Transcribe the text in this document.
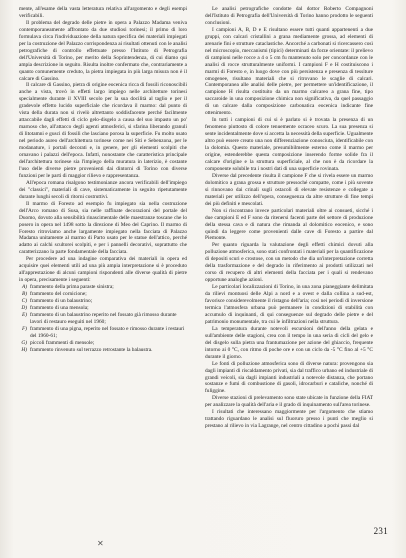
mente, all'esame della vasta letteratura relativa all'argomento e degli esempi verificabili.

Il problema del degrado delle pietre in opera a Palazzo Madama veniva contemporaneamente affrontato da due studiosi torinesi; il primo di loro formulava circa l'individuazione della natura specifica dei materiali impiegati per la costruzione del Palazzo corrispondenza ai risultati ottenuti con le analisi petrografiche di controllo effettuate presso l'Istituto di Petrografia dell'Università di Torino, per merito della Soprintendenza, di cui diamo qui ampia descrizione in seguito. Risulta inoltre confermato che, contrariamente a quanto comunemente creduto, la pietra impiegata in più larga misura non è il calcare di Gassino.

Il calcare di Gassino, pietra di origine eocenica ricca di fossili riconoscibili anche a vista, trovò in effetti largo impiego nelle architetture torinesi specialmente durante il XVIII secolo per la sua docilità al taglio e per il gradevole effetto lucido superficiale che ricordava il marmo: dal punto di vista della durata non si rivelò altrettanto soddisfacente perché facilmente attaccabile dagli effetti di ciclo gelo-disgelo a causa del suo impasto un po' marnoso che, all'attacco degli agenti atmosferici, si sfarina liberando granuli di litotamni e gusci di fossili che lasciano porosa la superficie. Fu molto usato nel periodo aureo dell'architettura torinese come nei Siti e Sebenzona, per le modanature, i portali decorati e, in genere, per gli elementi scolpiti che ornavano i palazzi dell'epoca. Infatti, nonostante che caratteristica principale dell'architettura torinese sia l'impiego della muratura in laterizio, è costante l'uso delle diverse pietre provenienti dai dintorni di Torino con diverse funzioni per le parti di maggior rilievo e rappresentanza.

All'epoca romana risalgono testimonianze ancora verificabili dell'impiego dei "classici", materiali di cave, sistematicamente in seguito ripetutamente durante lunghi secoli di ritorni costruttivi.

Il marmo di Foresto ad esempio fu impiegato sia nella costruzione dell'Arco romano di Susa, sia nelle raffinate decorazioni del portale del Duomo, dovuto alla sensibilità rinascimentale delle maestranze toscane che lo posero in opera nel 1498 sotto la direzione di Meo del Caprino. Il marmo di Foresto ritroviamo anche largamente impiegato nella facciata di Palazzo Madama unitamente al marmo di Parto usato per le statue dell'attico, perché adatto ai calchi scultorei scolpiti, e per i pannelli decorativi, soprattutto che caratterizzano la parte fondamentale della facciata.

Per procedere ad una indagine comparativa dei materiali in opera ed acquisire quei elementi utili ad una più ampia interpretazione si è proceduto all'apprestazione di alcuni campioni rispondenti alle diverse qualità di pietre in opera, precisamente i seguenti:

A) frammento della prima paraste sinistra;
B) frammento del cornicione;
C) frammento di un balaustrino;
D) frammento di una mensola;
E) frammento di un balaustrino reperito nel fossato già rimosso durante lavori di restauro eseguiti nel 1960;
F) frammento di una pigna, reperito nel fossato e rimosso durante i restauri del 1960-61;
G) piccoli frammenti di mensole;
H) frammento rinvenuto sul terrazzo retrostante la balaustra.

Le analisi petrografiche condotte dal dottor Roberto Compagnoni dell'Istituto di Petrografia dell'Università di Torino hanno prodotto le seguenti conclusioni.

I campioni A, B, D e E risultano essere tutti quanti appartenenti a due gruppi, con calcari cristallini a grana mediamente grossa, ad elementi di arenarie fini e strutture cataclastiche. Ancorché a carbonati si ricercassero così nel microscopio, meccanismi (tipici) determinati da forze orientate: il prelievo di campioni nelle rocce a 4 o 5 cm fu mantenuto solo per concordanze con le analisi di rocce strutturalmente uniformi. I campioni F e H costituiscono i marmi di Foresto e, in luogo dove con più persistenza e presenza di tessiture omogenee, risultano materiali che si ritrovano le scaglie di calcari. Contemporanea alle analisi delle pietre, per permettere un'identificazione, il campione H risulta costituito da un marmo calcareo a grana fine, tipo saccaroide in una composizione chimica non significativa, da quel passaggio di un calcare dalla composizione carbonatica eocenica indicante fine ottenimento.

In tutti i campioni di cui si è parlato si è trovata la presenza di un fenomeno piuttosto di colore tenuemente ocraceo scuro. La sua presenza si sente incidentalmente dove si accetta la necessità della superficie. Ugualmente altro può essere creato una non differenziazione conosciuta, identificabile con la dolomia. Questo materiale, presumibilmente esterno come il marmo per origine, estenderebbe questa composizione inserendo forme solide fra il calcare d'origine e la struttura superficiale, al che non è da ricordare la componente solubile tra i nostri dati di una superficie rovinata.

Diverse dal precedente risulta il campione F che si rivela essere un marmo dolomitico a grana grossa e strutture pressoché compatte, come i più sovente si rinnovano dai crinali sugli ostacoli di elevate resistenze e collegate a materiali per utilizzo dell'opera, conseguenza da altre strutture di fine tempi dei più definiti e mescolati.

Non si riscontrano invece particolari materiali oltre ai consueti, sicché i due campioni E ed F sono da ritenersi facenti parte del settore di produzione della stessa cava e di natura che rimanda al dolomitico eocenico, e sono quindi da leggere come provenienti dalle cave di Foresto a partire dal Piemonte.

Per quanto riguarda la valutazione degli effetti chimici dovuti alla polluzione atmosferica, sono stati confrontati i materiali per la quantificazione di depositi scuri e crostose, con un metodo che dia un'interpretazione corretta della trasformazione e del degrado in riferimento ai prodotti utilizzati nel corso di recupero di altri elementi della facciata per i quali si rendevano opportune analoghe azioni.

Le particolari localizzazioni di Torino, in una zona pianeggiante delimitata da rilievi montuosi delle Alpi a nord e a ovest e dalla collina a sud-est, favorisce considerevolmente il ristagno dell'aria; così nei periodi di inversione termica l'atmosfera urbana può permanere in condizioni di stabilità con accumulo di inquinanti, di qui conseguenze sul degrado delle pietre e del patrimonio monumentale, tra cui le infiltrazioni nella struttura.

La temperatura durante notevoli escursioni dell'anno della gelata e sull'ambiente delle stagioni, crea con il tempo in una seria di cicli del gelo e del disgelo sulla pietra una frantumazione per azione del ghiaccio, frequente intorno ai 0 °C, con ritmo di poche ore e con un ciclo da -5 °C fino al +5 °C durante il giorno.

Le fonti di polluzione atmosferica sono di diverse natura: provengono sia dagli impianti di riscaldamento privati, sia dal traffico urbano ed industriale di grandi veicoli, sia dagli impianti industriali a notevole distanza, che portano sostanze e fumi di combustione di gasoli, idrocarburi e cataliche, nonché di fuliggine.

Diverse stazioni di prelevamento sono state ubicate in funzione della FIAT per analizzare la qualità dell'aria e il grado di inquinamento sull'area torinese.

I risultati che interessano maggiormente per l'argomento che stiamo trattando riguardano le analisi sul fluoruro presso i punti che meglio si prestano al rilievo in via Lagrange, nel centro cittadino a pochi passi dal

✕
231
